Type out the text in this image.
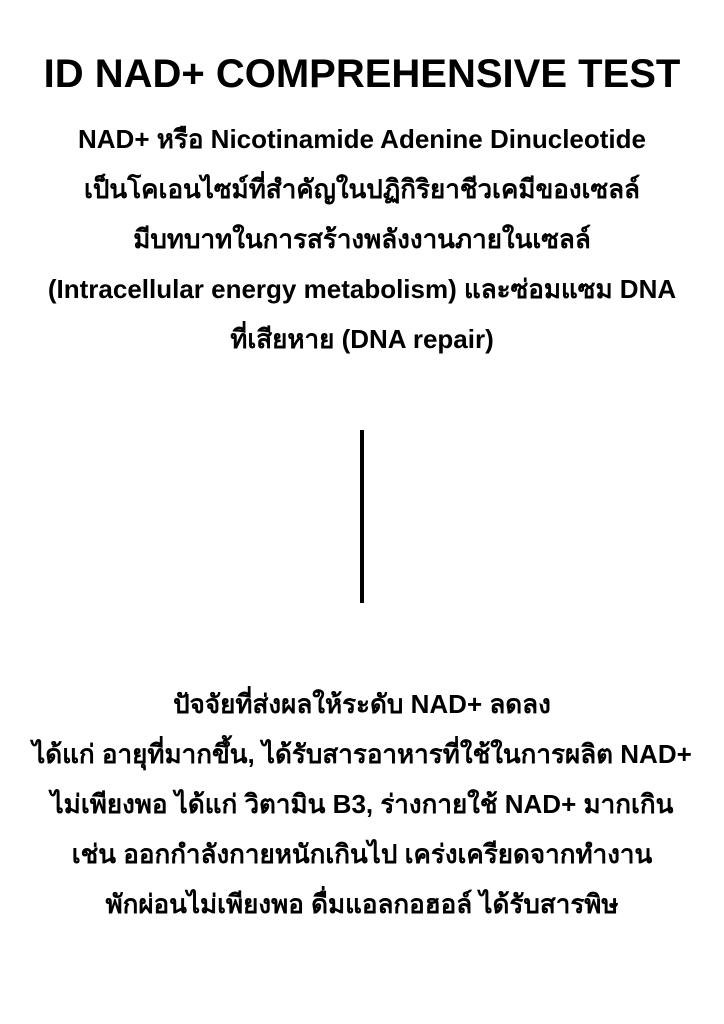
ID NAD+ COMPREHENSIVE TEST
NAD+ หรือ Nicotinamide Adenine Dinucleotide
เป็นโคเอนไซม์ที่สำคัญในปฏิกิริยาชีวเคมีของเซลล์
มีบทบาทในการสร้างพลังงานภายในเซลล์
(Intracellular energy metabolism) และซ่อมแซม DNA
ที่เสียหาย (DNA repair)
ปัจจัยที่ส่งผลให้ระดับ NAD+ ลดลง
ได้แก่ อายุที่มากขึ้น, ได้รับสารอาหารที่ใช้ในการผลิต NAD+
ไม่เพียงพอ ได้แก่ วิตามิน B3, ร่างกายใช้ NAD+ มากเกิน
เช่น ออกกำลังกายหนักเกินไป เคร่งเครียดจากทำงาน
พักผ่อนไม่เพียงพอ ดื่มแอลกอฮอล์ ได้รับสารพิษ
